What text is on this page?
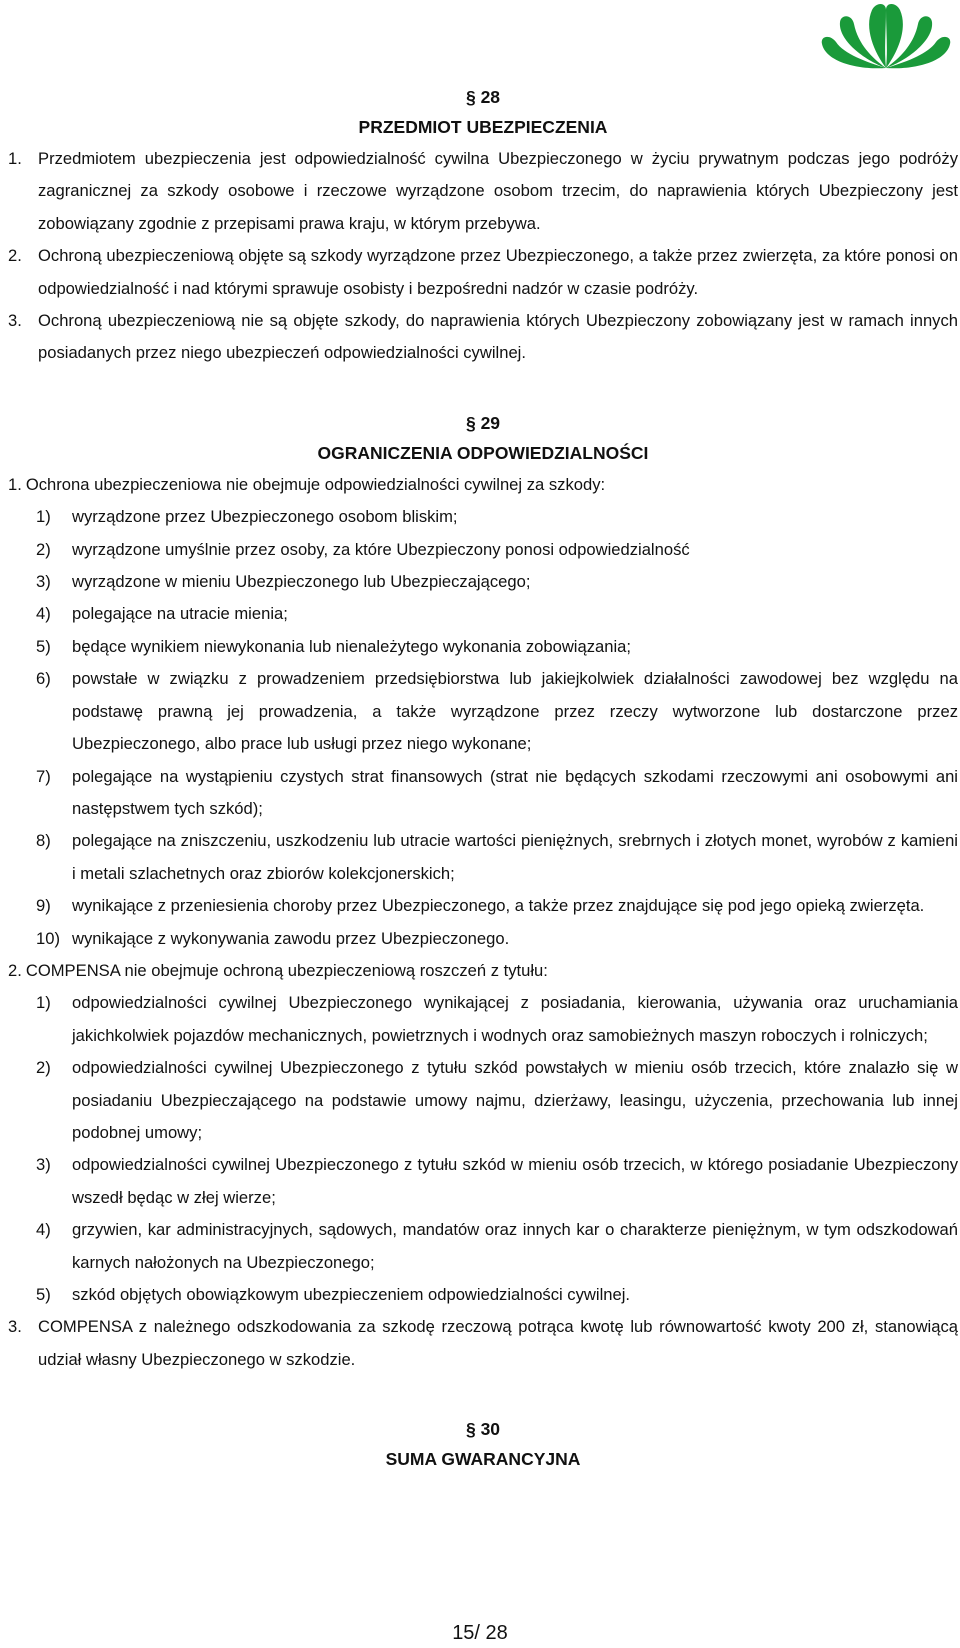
§ 28

PRZEDMIOT UBEZPIECZENIA

1. Przedmiotem ubezpieczenia jest odpowiedzialność cywilna Ubezpieczonego w życiu prywatnym podczas jego podróży zagranicznej za szkody osobowe i rzeczowe wyrządzone osobom trzecim, do naprawienia których Ubezpieczony jest zobowiązany zgodnie z przepisami prawa kraju, w którym przebywa.
2. Ochroną ubezpieczeniową objęte są szkody wyrządzone przez Ubezpieczonego, a także przez zwierzęta, za które ponosi on odpowiedzialność i nad którymi sprawuje osobisty i bezpośredni nadzór w czasie podróży.
3. Ochroną ubezpieczeniową nie są objęte szkody, do naprawienia których Ubezpieczony zobowiązany jest w ramach innych posiadanych przez niego ubezpieczeń odpowiedzialności cywilnej.

§ 29

OGRANICZENIA ODPOWIEDZIALNOŚCI

1. Ochrona ubezpieczeniowa nie obejmuje odpowiedzialności cywilnej za szkody:
1)	wyrządzone przez Ubezpieczonego osobom bliskim;
2)	wyrządzone umyślnie przez osoby, za które Ubezpieczony ponosi odpowiedzialność
3)	wyrządzone w mieniu Ubezpieczonego lub Ubezpieczającego;
4)	polegające na utracie mienia;
5)	będące wynikiem niewykonania lub nienależytego wykonania zobowiązania;
6)	powstałe w związku z prowadzeniem przedsiębiorstwa lub jakiejkolwiek działalności zawodowej bez względu na podstawę prawną jej prowadzenia, a także wyrządzone przez rzeczy wytworzone lub dostarczone przez Ubezpieczonego, albo prace lub usługi przez niego wykonane;
7)	polegające na wystąpieniu czystych strat finansowych (strat nie będących szkodami rzeczowymi ani osobowymi ani następstwem tych szkód);
8)	polegające na zniszczeniu, uszkodzeniu lub utracie wartości pieniężnych, srebrnych i złotych monet, wyrobów z kamieni i metali szlachetnych oraz zbiorów kolekcjonerskich;
9)	wynikające z przeniesienia choroby przez Ubezpieczonego, a także przez znajdujące się pod jego opieką zwierzęta.
10) wynikające z wykonywania zawodu przez Ubezpieczonego.
2. COMPENSA nie obejmuje ochroną ubezpieczeniową roszczeń z tytułu:
1)	odpowiedzialności cywilnej Ubezpieczonego wynikającej z posiadania, kierowania, używania oraz uruchamiania jakichkolwiek pojazdów mechanicznych, powietrznych i wodnych oraz samobieżnych maszyn roboczych i rolniczych;
2)	odpowiedzialności cywilnej Ubezpieczonego z tytułu szkód powstałych w mieniu osób trzecich, które znalazło się w posiadaniu Ubezpieczającego na podstawie umowy najmu, dzierżawy, leasingu, użyczenia, przechowania lub innej podobnej umowy;
3)	odpowiedzialności cywilnej Ubezpieczonego z tytułu szkód w mieniu osób trzecich, w którego posiadanie Ubezpieczony wszedł będąc w złej wierze;
4)	grzywien, kar administracyjnych, sądowych, mandatów oraz innych kar o charakterze pieniężnym, w tym odszkodowań karnych nałożonych na Ubezpieczonego;
5)	szkód objętych obowiązkowym ubezpieczeniem odpowiedzialności cywilnej.
3. COMPENSA z należnego odszkodowania za szkodę rzeczową potrąca kwotę lub równowartość kwoty 200 zł, stanowiącą udział własny Ubezpieczonego w szkodzie.

§ 30

SUMA GWARANCYJNA

15/ 28
